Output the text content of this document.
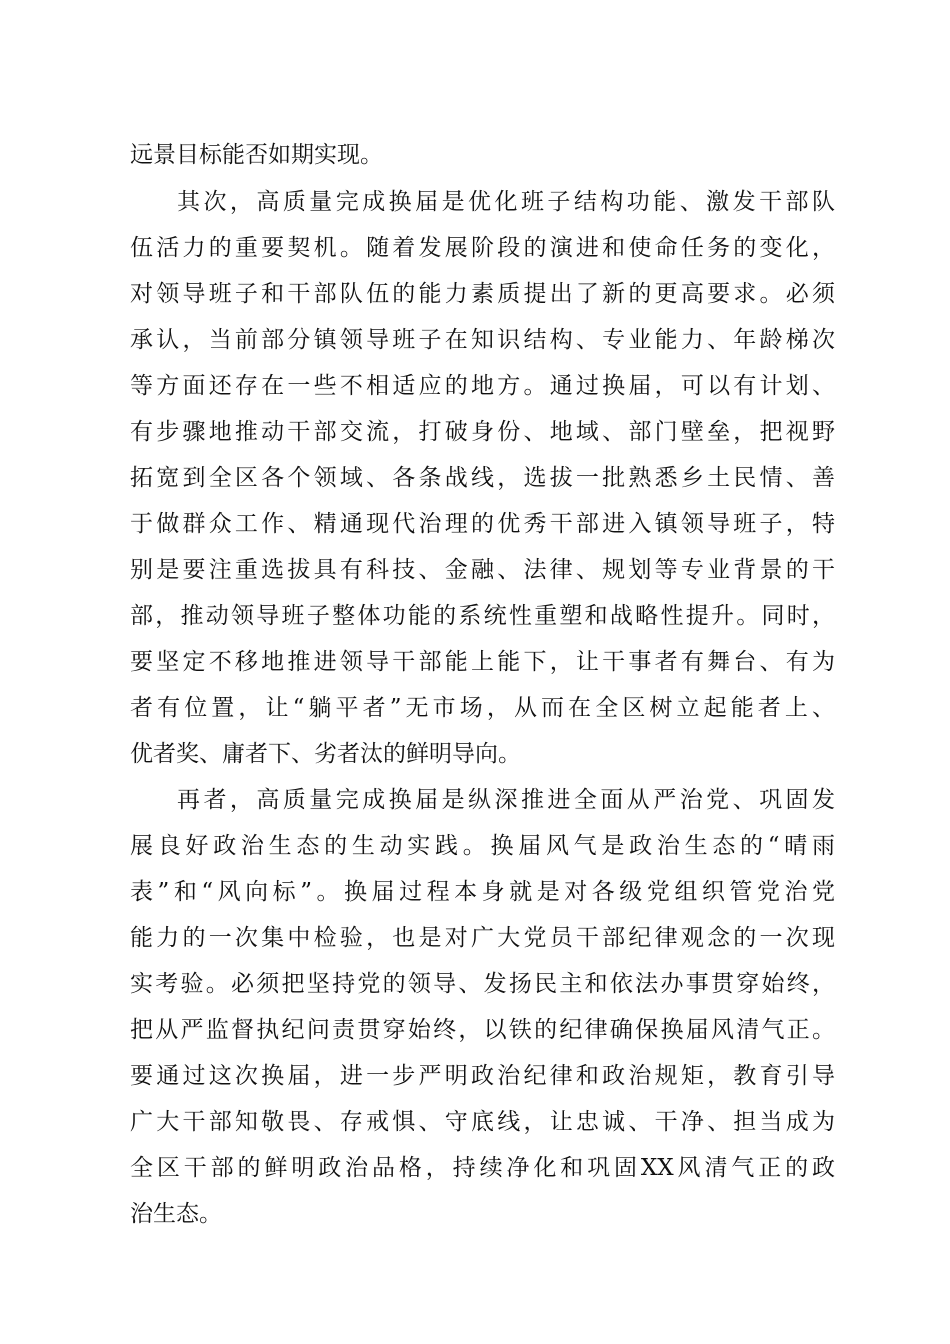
远景目标能否如期实现。

其次，高质量完成换届是优化班子结构功能、激发干部队

伍活力的重要契机。随着发展阶段的演进和使命任务的变化，

对领导班子和干部队伍的能力素质提出了新的更高要求。必须

承认，当前部分镇领导班子在知识结构、专业能力、年龄梯次

等方面还存在一些不相适应的地方。通过换届，可以有计划、

有步骤地推动干部交流，打破身份、地域、部门壁垒，把视野

拓宽到全区各个领域、各条战线，选拔一批熟悉乡土民情、善

于做群众工作、精通现代治理的优秀干部进入镇领导班子，特

别是要注重选拔具有科技、金融、法律、规划等专业背景的干

部，推动领导班子整体功能的系统性重塑和战略性提升。同时，

要坚定不移地推进领导干部能上能下，让干事者有舞台、有为

者有位置，让“躺平者”无市场，从而在全区树立起能者上、

优者奖、庸者下、劣者汰的鲜明导向。

再者，高质量完成换届是纵深推进全面从严治党、巩固发

展良好政治生态的生动实践。换届风气是政治生态的“晴雨

表”和“风向标”。换届过程本身就是对各级党组织管党治党

能力的一次集中检验，也是对广大党员干部纪律观念的一次现

实考验。必须把坚持党的领导、发扬民主和依法办事贯穿始终，

把从严监督执纪问责贯穿始终，以铁的纪律确保换届风清气正。

要通过这次换届，进一步严明政治纪律和政治规矩，教育引导

广大干部知敬畏、存戒惧、守底线，让忠诚、干净、担当成为

全区干部的鲜明政治品格，持续净化和巩固XX风清气正的政

治生态。
